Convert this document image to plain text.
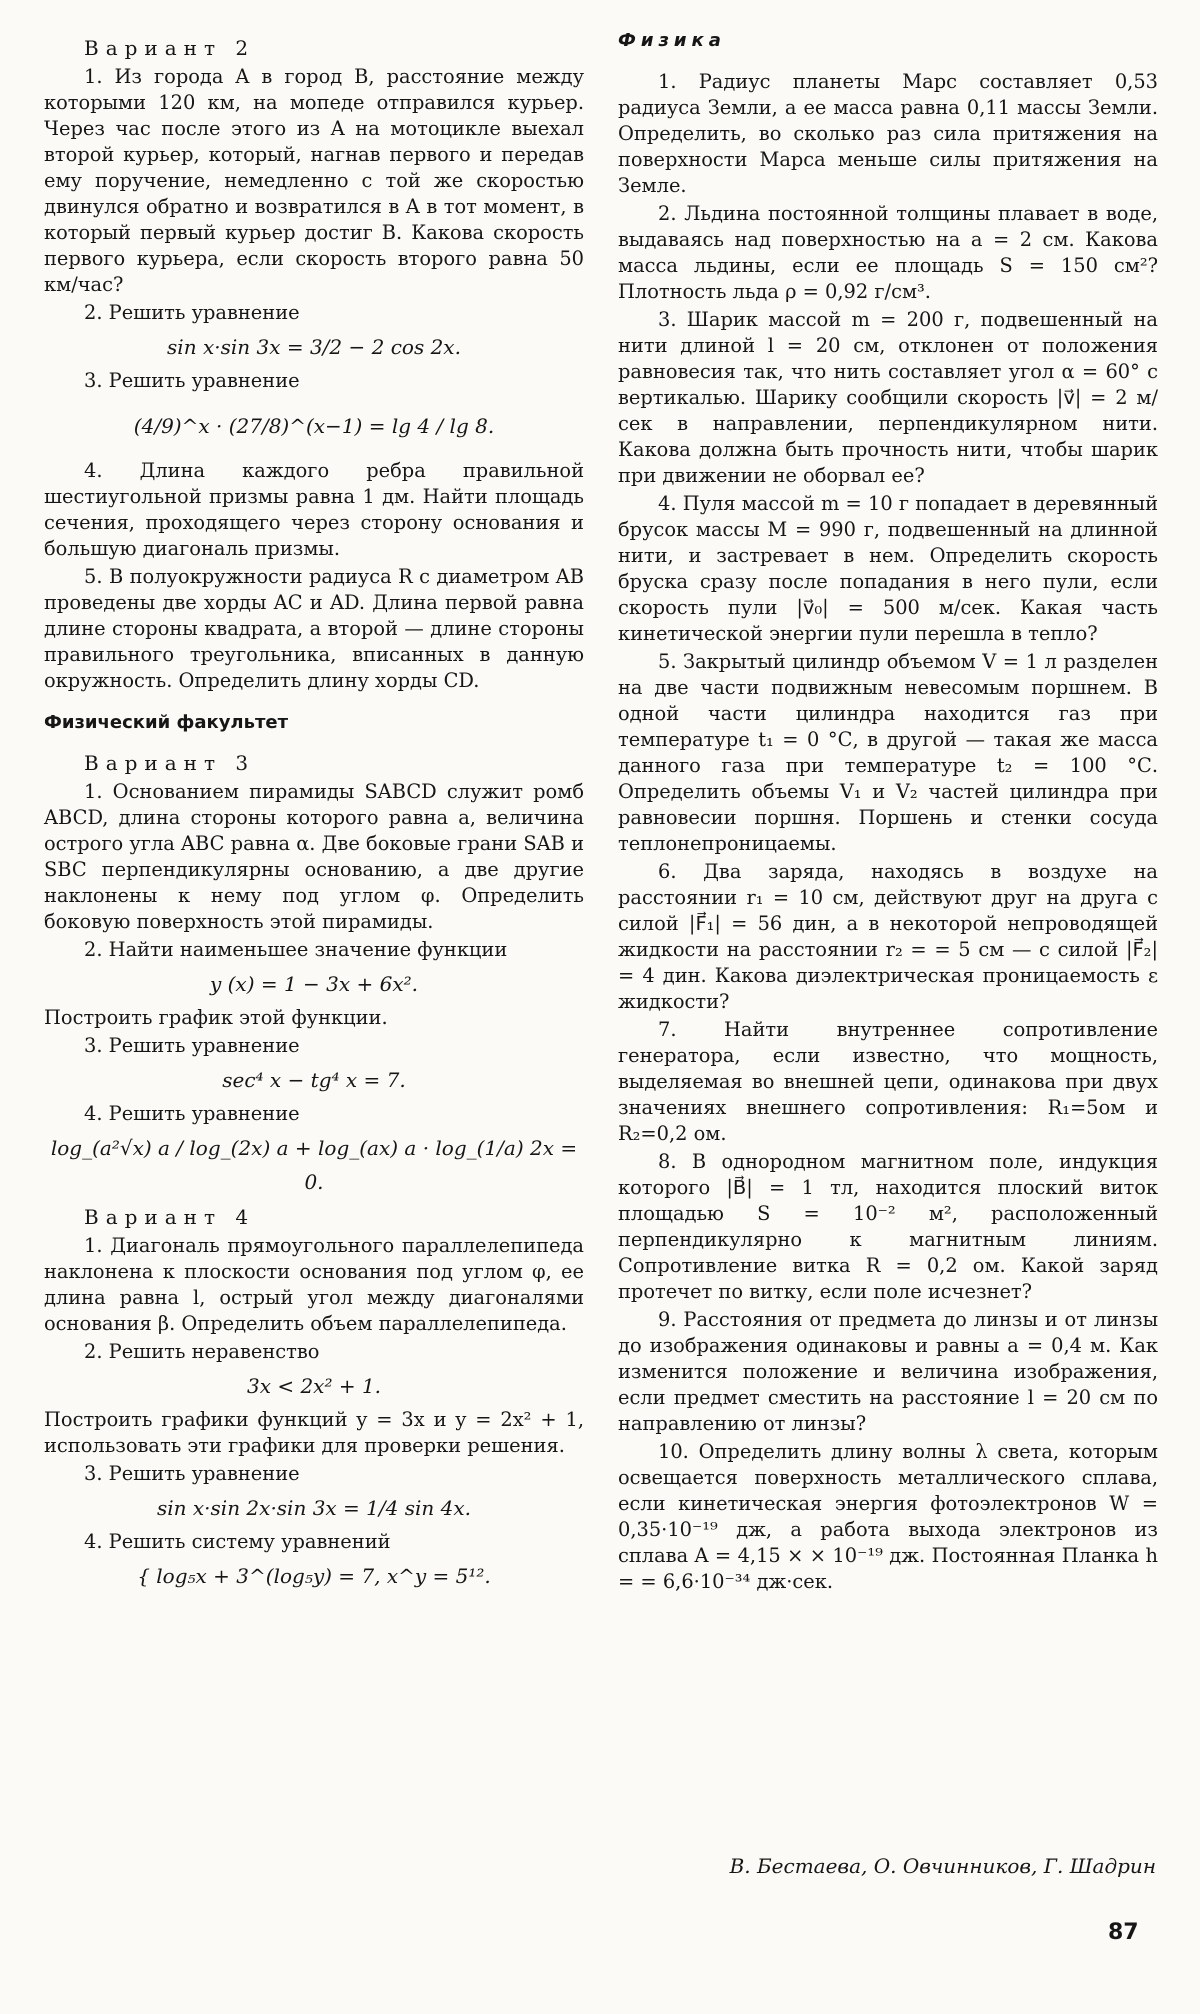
Вариант 2

1. Из города A в город B, расстояние между которыми 120 км, на мопеде отправился курьер. Через час после этого из A на мотоцикле выехал второй курьер, который, нагнав первого и передав ему поручение, немедленно с той же скоростью двинулся обратно и возвратился в A в тот момент, в который первый курьер достиг B. Какова скорость первого курьера, если скорость второго равна 50 км/час?

2. Решить уравнение

sin x·sin 3x = 3/2 − 2 cos 2x.

3. Решить уравнение

(4/9)^x · (27/8)^(x−1) = lg 4 / lg 8.

4. Длина каждого ребра правильной шестиугольной призмы равна 1 дм. Найти площадь сечения, проходящего через сторону основания и большую диагональ призмы.

5. В полуокружности радиуса R с диаметром AB проведены две хорды AC и AD. Длина первой равна длине стороны квадрата, а второй — длине стороны правильного треугольника, вписанных в данную окружность. Определить длину хорды CD.

Физический факультет
Вариант 3

1. Основанием пирамиды SABCD служит ромб ABCD, длина стороны которого равна a, величина острого угла ABC равна α. Две боковые грани SAB и SBC перпендикулярны основанию, а две другие наклонены к нему под углом φ. Определить боковую поверхность этой пирамиды.

2. Найти наименьшее значение функции

y (x) = 1 − 3x + 6x².

Построить график этой функции.

3. Решить уравнение

sec⁴ x − tg⁴ x = 7.

4. Решить уравнение

log_(a²√x) a / log_(2x) a + log_(ax) a · log_(1/a) 2x = 0.
Вариант 4

1. Диагональ прямоугольного параллелепипеда наклонена к плоскости основания под углом φ, ее длина равна l, острый угол между диагоналями основания β. Определить объем параллелепипеда.

2. Решить неравенство

3x < 2x² + 1.

Построить графики функций y = 3x и y = 2x² + 1, использовать эти графики для проверки решения.

3. Решить уравнение

sin x·sin 2x·sin 3x = 1/4 sin 4x.

4. Решить систему уравнений

{ log₅x + 3^(log₅y) = 7, x^y = 5¹².
Физика

1. Радиус планеты Марс составляет 0,53 радиуса Земли, а ее масса равна 0,11 массы Земли. Определить, во сколько раз сила притяжения на поверхности Марса меньше силы притяжения на Земле.

2. Льдина постоянной толщины плавает в воде, выдаваясь над поверхностью на a = 2 см. Какова масса льдины, если ее площадь S = 150 см²? Плотность льда ρ = 0,92 г/см³.

3. Шарик массой m = 200 г, подвешенный на нити длиной l = 20 см, отклонен от положения равновесия так, что нить составляет угол α = 60° с вертикалью. Шарику сообщили скорость |v⃗| = 2 м/сек в направлении, перпендикулярном нити. Какова должна быть прочность нити, чтобы шарик при движении не оборвал ее?

4. Пуля массой m = 10 г попадает в деревянный брусок массы M = 990 г, подвешенный на длинной нити, и застревает в нем. Определить скорость бруска сразу после попадания в него пули, если скорость пули |v⃗₀| = 500 м/сек. Какая часть кинетической энергии пули перешла в тепло?

5. Закрытый цилиндр объемом V = 1 л разделен на две части подвижным невесомым поршнем. В одной части цилиндра находится газ при температуре t₁ = 0 °С, в другой — такая же масса данного газа при температуре t₂ = 100 °С. Определить объемы V₁ и V₂ частей цилиндра при равновесии поршня. Поршень и стенки сосуда теплонепроницаемы.

6. Два заряда, находясь в воздухе на расстоянии r₁ = 10 см, действуют друг на друга с силой |F⃗₁| = 56 дин, а в некоторой непроводящей жидкости на расстоянии r₂ = = 5 см — с силой |F⃗₂| = 4 дин. Какова диэлектрическая проницаемость ε жидкости?

7. Найти внутреннее сопротивление генератора, если известно, что мощность, выделяемая во внешней цепи, одинакова при двух значениях внешнего сопротивления: R₁=5ом и R₂=0,2 ом.

8. В однородном магнитном поле, индукция которого |B⃗| = 1 тл, находится плоский виток площадью S = 10⁻² м², расположенный перпендикулярно к магнитным линиям. Сопротивление витка R = 0,2 ом. Какой заряд протечет по витку, если поле исчезнет?

9. Расстояния от предмета до линзы и от линзы до изображения одинаковы и равны a = 0,4 м. Как изменится положение и величина изображения, если предмет сместить на расстояние l = 20 см по направлению от линзы?

10. Определить длину волны λ света, которым освещается поверхность металлического сплава, если кинетическая энергия фотоэлектронов W = 0,35·10⁻¹⁹ дж, а работа выхода электронов из сплава A = 4,15 × × 10⁻¹⁹ дж. Постоянная Планка h = = 6,6·10⁻³⁴ дж·сек.

В. Бестаева, О. Овчинников, Г. Шадрин
87
